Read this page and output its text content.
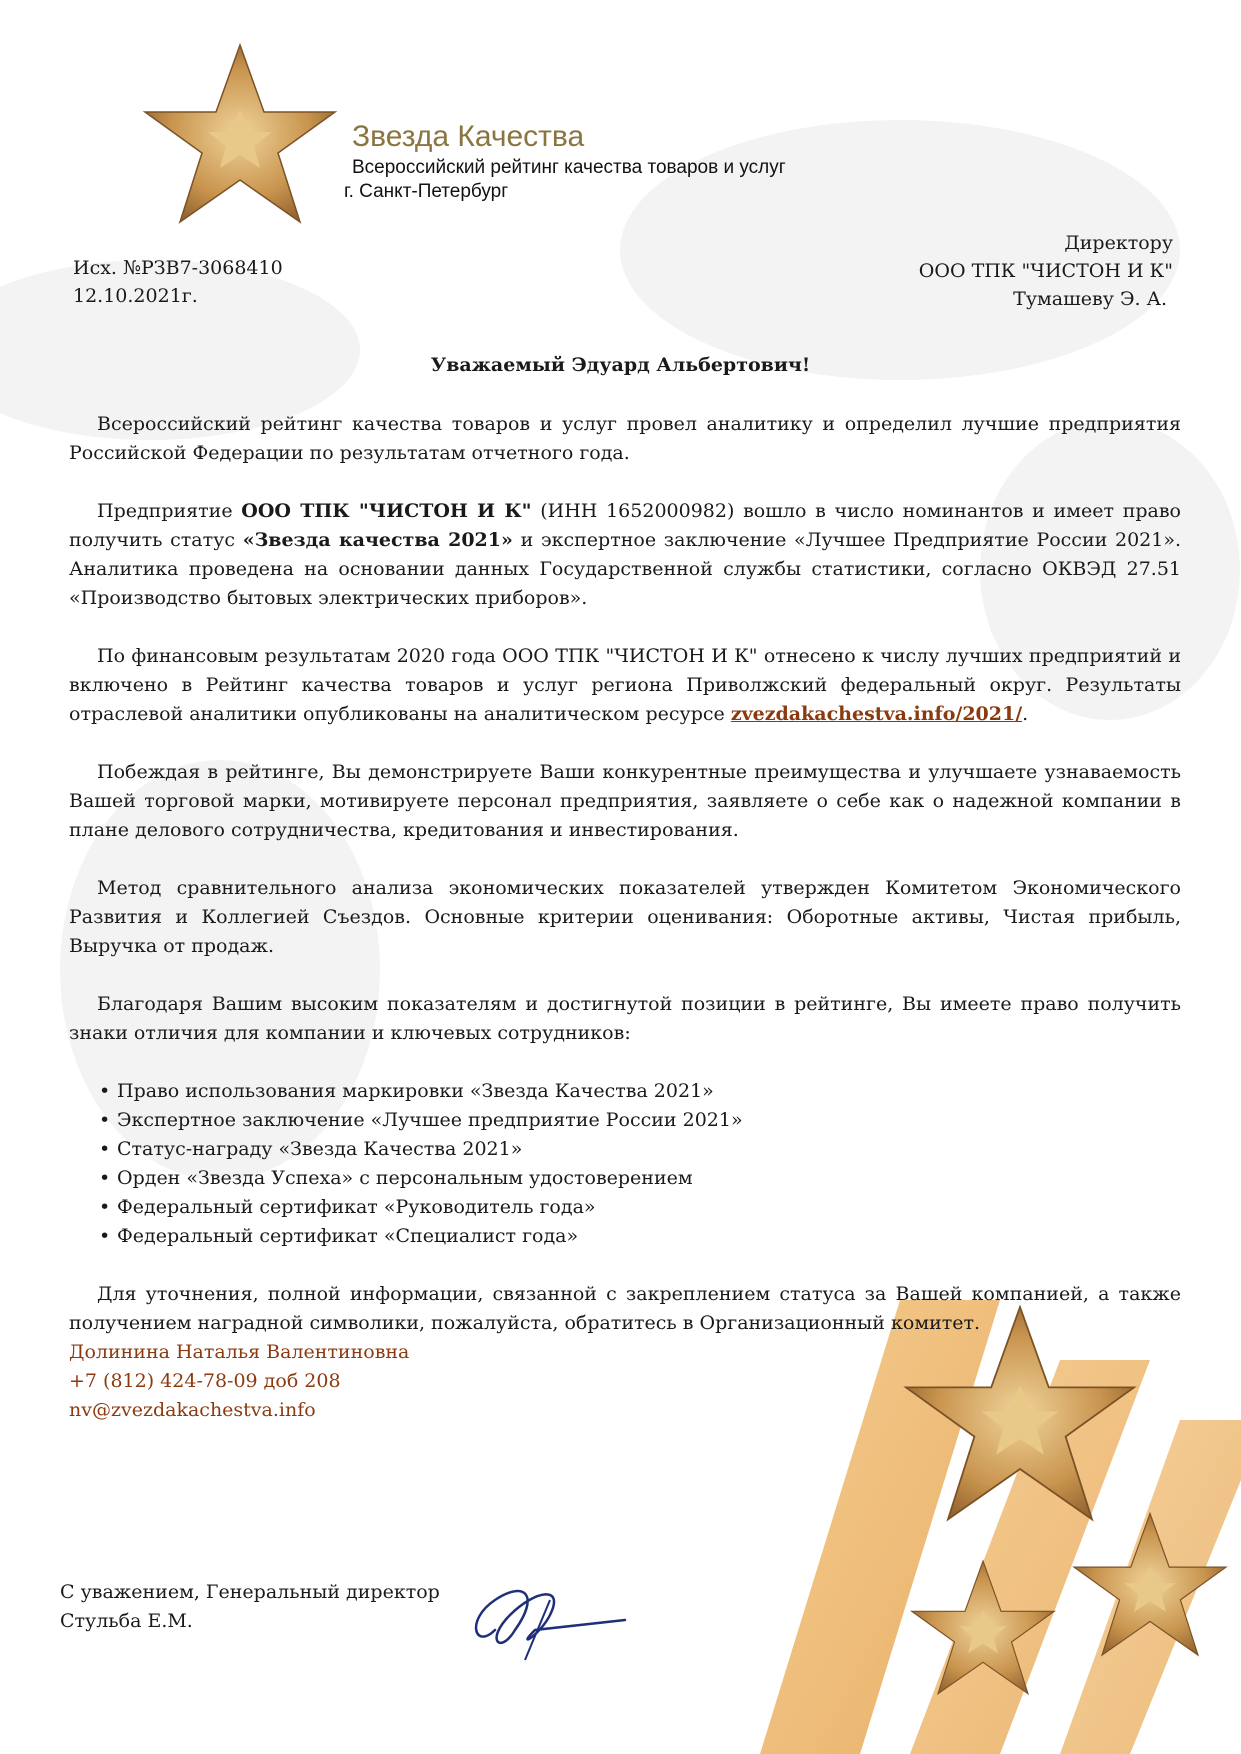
Звезда Качества
Всероссийский рейтинг качества товаров и услуг
г. Санкт-Петербург
Исх. №РЗВ7-3068410
12.10.2021г.
Директору
ООО ТПК "ЧИСТОН И К"
Тумашеву Э. А.
Уважаемый Эдуард Альбертович!

Всероссийский рейтинг качества товаров и услуг провел аналитику и определил лучшие предприятия Российской Федерации по результатам отчетного года.

Предприятие ООО ТПК "ЧИСТОН И К" (ИНН 1652000982) вошло в число номинантов и имеет право получить статус «Звезда качества 2021» и экспертное заключение «Лучшее Предприятие России 2021». Аналитика проведена на основании данных Государственной службы статистики, согласно ОКВЭД 27.51 «Производство бытовых электрических приборов».

По финансовым результатам 2020 года ООО ТПК "ЧИСТОН И К" отнесено к числу лучших предприятий и включено в Рейтинг качества товаров и услуг региона Приволжский федеральный округ. Результаты отраслевой аналитики опубликованы на аналитическом ресурсе zvezdakachestva.info/2021/.

Побеждая в рейтинге, Вы демонстрируете Ваши конкурентные преимущества и улучшаете узнаваемость Вашей торговой марки, мотивируете персонал предприятия, заявляете о себе как о надежной компании в плане делового сотрудничества, кредитования и инвестирования.

Метод сравнительного анализа экономических показателей утвержден Комитетом Экономического Развития и Коллегией Съездов. Основные критерии оценивания: Оборотные активы, Чистая прибыль, Выручка от продаж.

Благодаря Вашим высоким показателям и достигнутой позиции в рейтинге, Вы имеете право получить знаки отличия для компании и ключевых сотрудников:

• Право использования маркировки «Звезда Качества 2021»
• Экспертное заключение «Лучшее предприятие России 2021»
• Статус-награду «Звезда Качества 2021»
• Орден «Звезда Успеха» с персональным удостоверением
• Федеральный сертификат «Руководитель года»
• Федеральный сертификат «Специалист года»

Для уточнения, полной информации, связанной с закреплением статуса за Вашей компанией, а также получением наградной символики, пожалуйста, обратитесь в Организационный комитет.

Долинина Наталья Валентиновна
+7 (812) 424-78-09 доб 208
nv@zvezdakachestva.info
С уважением, Генеральный директор
Стульба Е.М.
